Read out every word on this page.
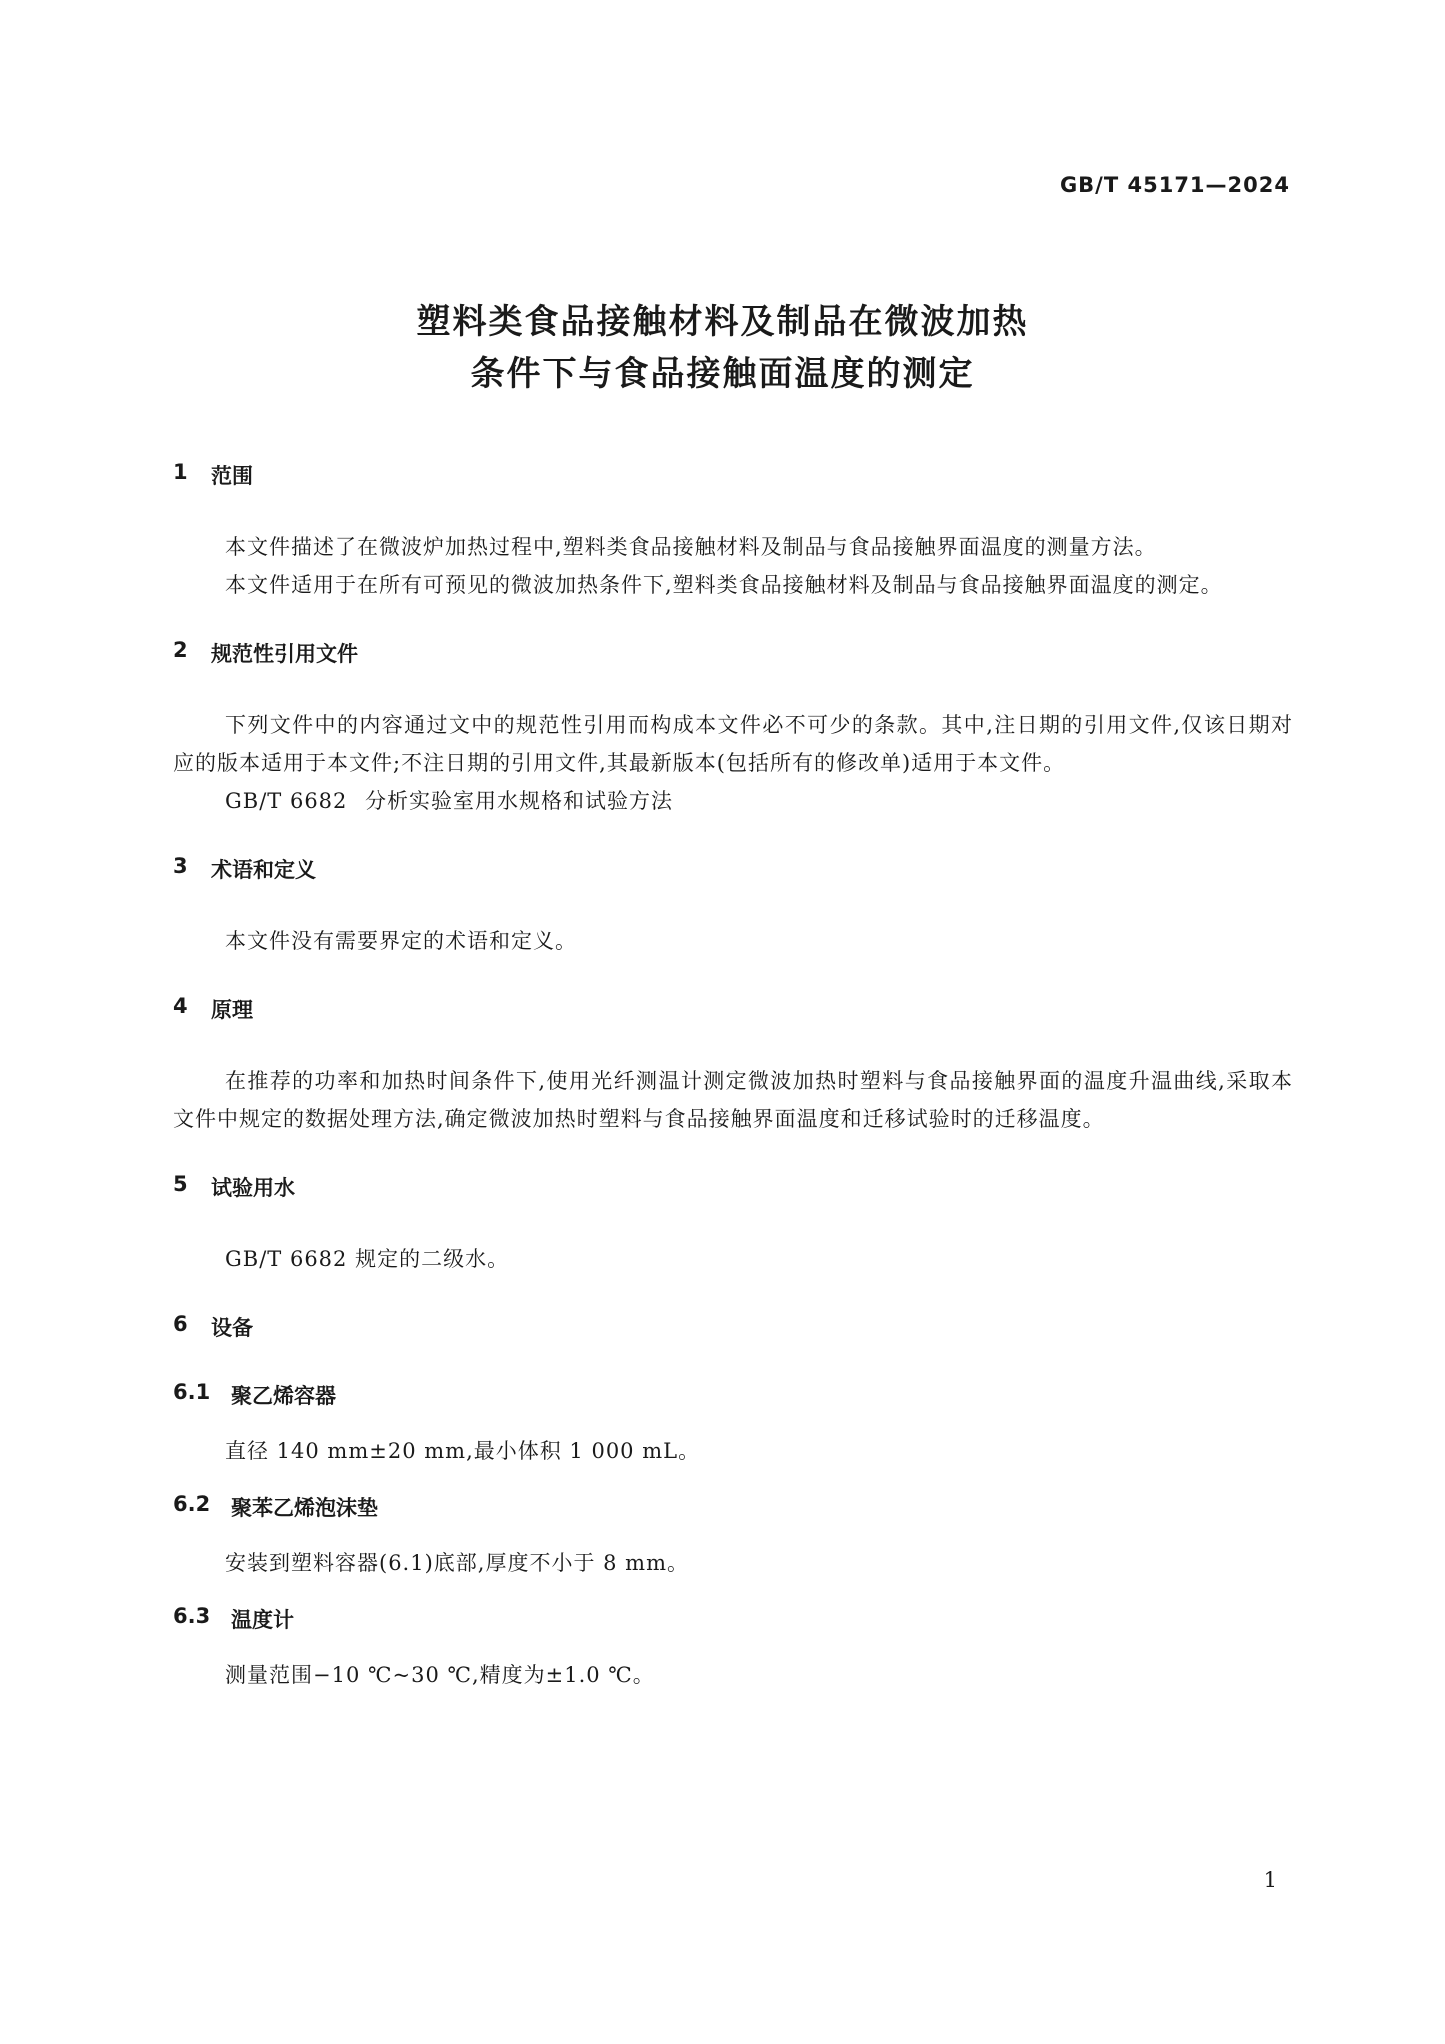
GB/T 45171—2024
塑料类食品接触材料及制品在微波加热
条件下与食品接触面温度的测定
1	范围

本文件描述了在微波炉加热过程中,塑料类食品接触材料及制品与食品接触界面温度的测量方法。

本文件适用于在所有可预见的微波加热条件下,塑料类食品接触材料及制品与食品接触界面温度的测定。

2	规范性引用文件

下列文件中的内容通过文中的规范性引用而构成本文件必不可少的条款。其中,注日期的引用文件,仅该日期对应的版本适用于本文件;不注日期的引用文件,其最新版本(包括所有的修改单)适用于本文件。

GB/T 6682 分析实验室用水规格和试验方法
3	术语和定义

本文件没有需要界定的术语和定义。

4	原理

在推荐的功率和加热时间条件下,使用光纤测温计测定微波加热时塑料与食品接触界面的温度升温曲线,采取本文件中规定的数据处理方法,确定微波加热时塑料与食品接触界面温度和迁移试验时的迁移温度。

5	试验用水

GB/T 6682 规定的二级水。

6	设备
6.1 聚乙烯容器

直径 140 mm±20 mm,最小体积 1 000 mL。

6.2 聚苯乙烯泡沫垫

安装到塑料容器(6.1)底部,厚度不小于 8 mm。

6.3 温度计

测量范围−10 ℃~30 ℃,精度为±1.0 ℃。

1
